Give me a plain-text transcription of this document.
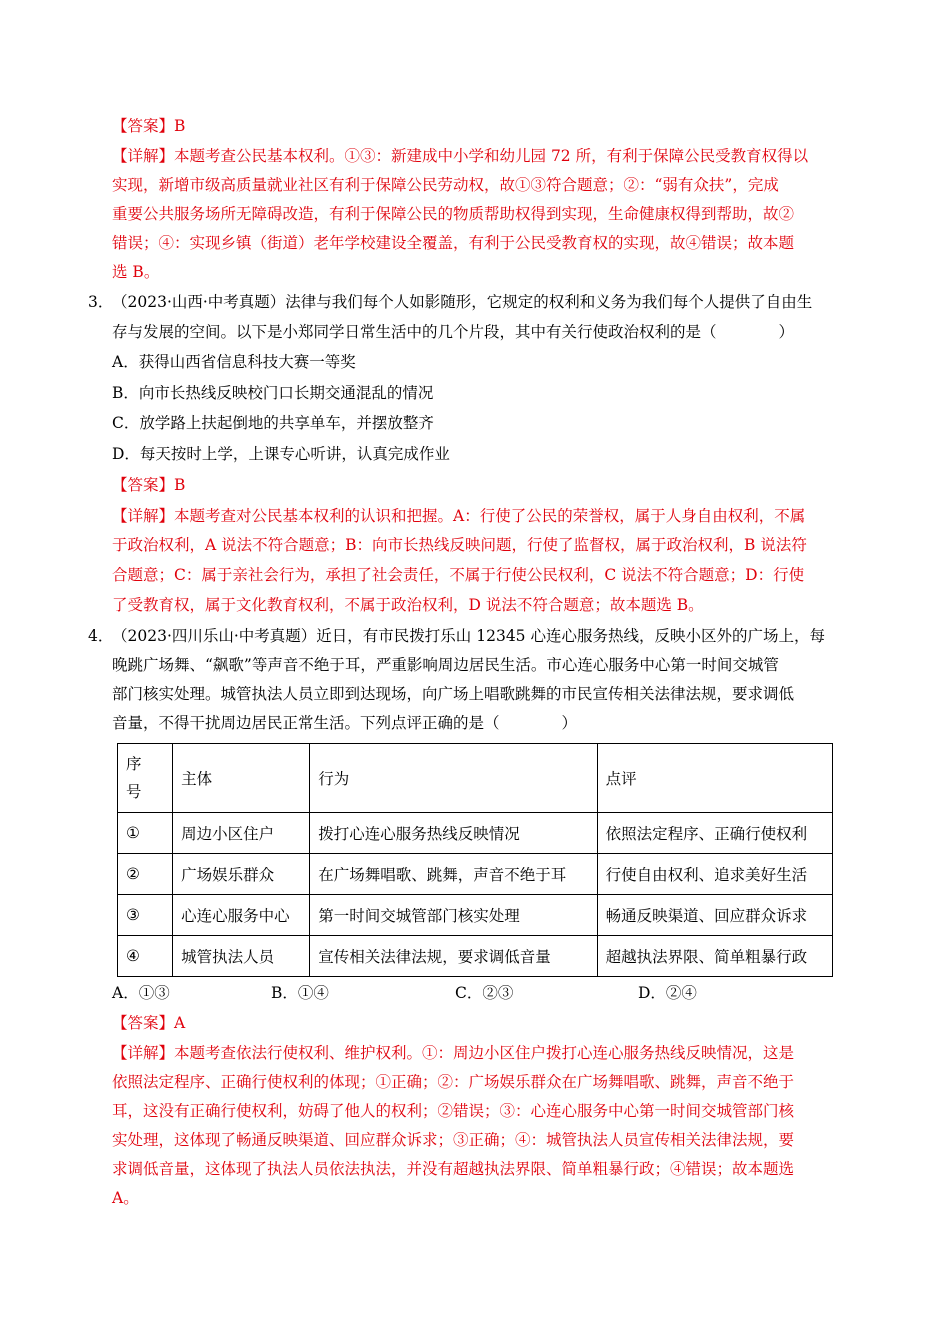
【答案】B
【详解】本题考查公民基本权利。①③：新建成中小学和幼儿园 72 所，有利于保障公民受教育权得以
实现，新增市级高质量就业社区有利于保障公民劳动权，故①③符合题意；②：“弱有众扶”，完成
重要公共服务场所无障碍改造，有利于保障公民的物质帮助权得到实现，生命健康权得到帮助，故②
错误；④：实现乡镇（街道）老年学校建设全覆盖，有利于公民受教育权的实现，故④错误；故本题
选 B。
3．
（2023·山西·中考真题）法律与我们每个人如影随形，它规定的权利和义务为我们每个人提供了自由生
存与发展的空间。以下是小郑同学日常生活中的几个片段，其中有关行使政治权利的是（　　　　）
A．获得山西省信息科技大赛一等奖
B．向市长热线反映校门口长期交通混乱的情况
C．放学路上扶起倒地的共享单车，并摆放整齐
D．每天按时上学，上课专心听讲，认真完成作业
【答案】B
【详解】本题考查对公民基本权利的认识和把握。A：行使了公民的荣誉权，属于人身自由权利，不属
于政治权利，A 说法不符合题意；B：向市长热线反映问题，行使了监督权，属于政治权利，B 说法符
合题意；C：属于亲社会行为，承担了社会责任，不属于行使公民权利，C 说法不符合题意；D：行使
了受教育权，属于文化教育权利，不属于政治权利，D 说法不符合题意；故本题选 B。
4．
（2023·四川乐山·中考真题）近日，有市民拨打乐山 12345 心连心服务热线，反映小区外的广场上，每
晚跳广场舞、“飙歌”等声音不绝于耳，严重影响周边居民生活。市心连心服务中心第一时间交城管
部门核实处理。城管执法人员立即到达现场，向广场上唱歌跳舞的市民宣传相关法律法规，要求调低
音量，不得干扰周边居民正常生活。下列点评正确的是（　　　　）
序号	主体	行为	点评
①	周边小区住户	拨打心连心服务热线反映情况	依照法定程序、正确行使权利
②	广场娱乐群众	在广场舞唱歌、跳舞，声音不绝于耳	行使自由权利、追求美好生活
③	心连心服务中心	第一时间交城管部门核实处理	畅通反映渠道、回应群众诉求
④	城管执法人员	宣传相关法律法规，要求调低音量	超越执法界限、简单粗暴行政
A．①③	B．①④	C．②③	D．②④
【答案】A
【详解】本题考查依法行使权利、维护权利。①：周边小区住户拨打心连心服务热线反映情况，这是
依照法定程序、正确行使权利的体现；①正确；②：广场娱乐群众在广场舞唱歌、跳舞，声音不绝于
耳，这没有正确行使权利，妨碍了他人的权利；②错误；③：心连心服务中心第一时间交城管部门核
实处理，这体现了畅通反映渠道、回应群众诉求；③正确；④：城管执法人员宣传相关法律法规，要
求调低音量，这体现了执法人员依法执法，并没有超越执法界限、简单粗暴行政；④错误；故本题选
A。
